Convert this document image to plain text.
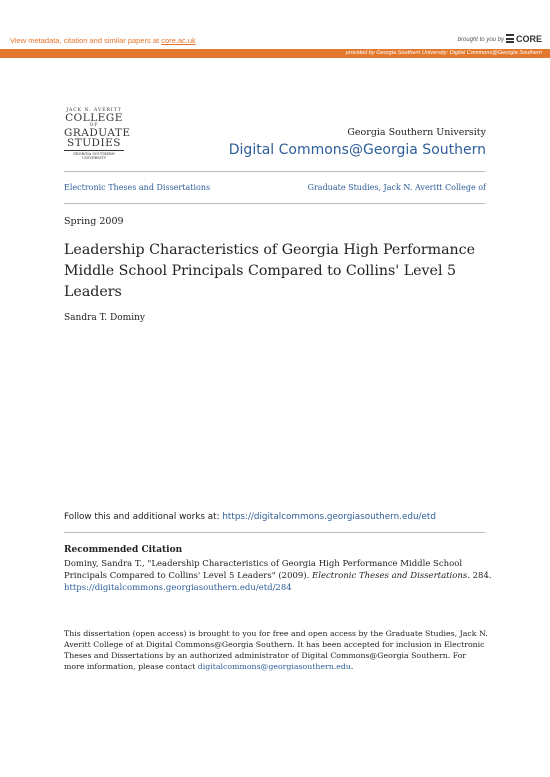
View metadata, citation and similar papers at core.ac.uk	brought to you by	CORE
provided by Georgia Southern University: Digital Commons@Georgia Southern
JACK N. AVERITT
COLLEGE
OF
GRADUATE
STUDIES
GEORGIA SOUTHERN UNIVERSITY
Georgia Southern University
Digital Commons@Georgia Southern
Electronic Theses and Dissertations	Graduate Studies, Jack N. Averitt College of
Spring 2009
Leadership Characteristics of Georgia High Performance Middle School Principals Compared to Collins' Level 5 Leaders
Sandra T. Dominy
Follow this and additional works at: https://digitalcommons.georgiasouthern.edu/etd
Recommended Citation
Dominy, Sandra T., "Leadership Characteristics of Georgia High Performance Middle School Principals Compared to Collins' Level 5 Leaders" (2009). Electronic Theses and Dissertations. 284.
https://digitalcommons.georgiasouthern.edu/etd/284
This dissertation (open access) is brought to you for free and open access by the Graduate Studies, Jack N. Averitt College of at Digital Commons@Georgia Southern. It has been accepted for inclusion in Electronic Theses and Dissertations by an authorized administrator of Digital Commons@Georgia Southern. For more information, please contact digitalcommons@georgiasouthern.edu.
